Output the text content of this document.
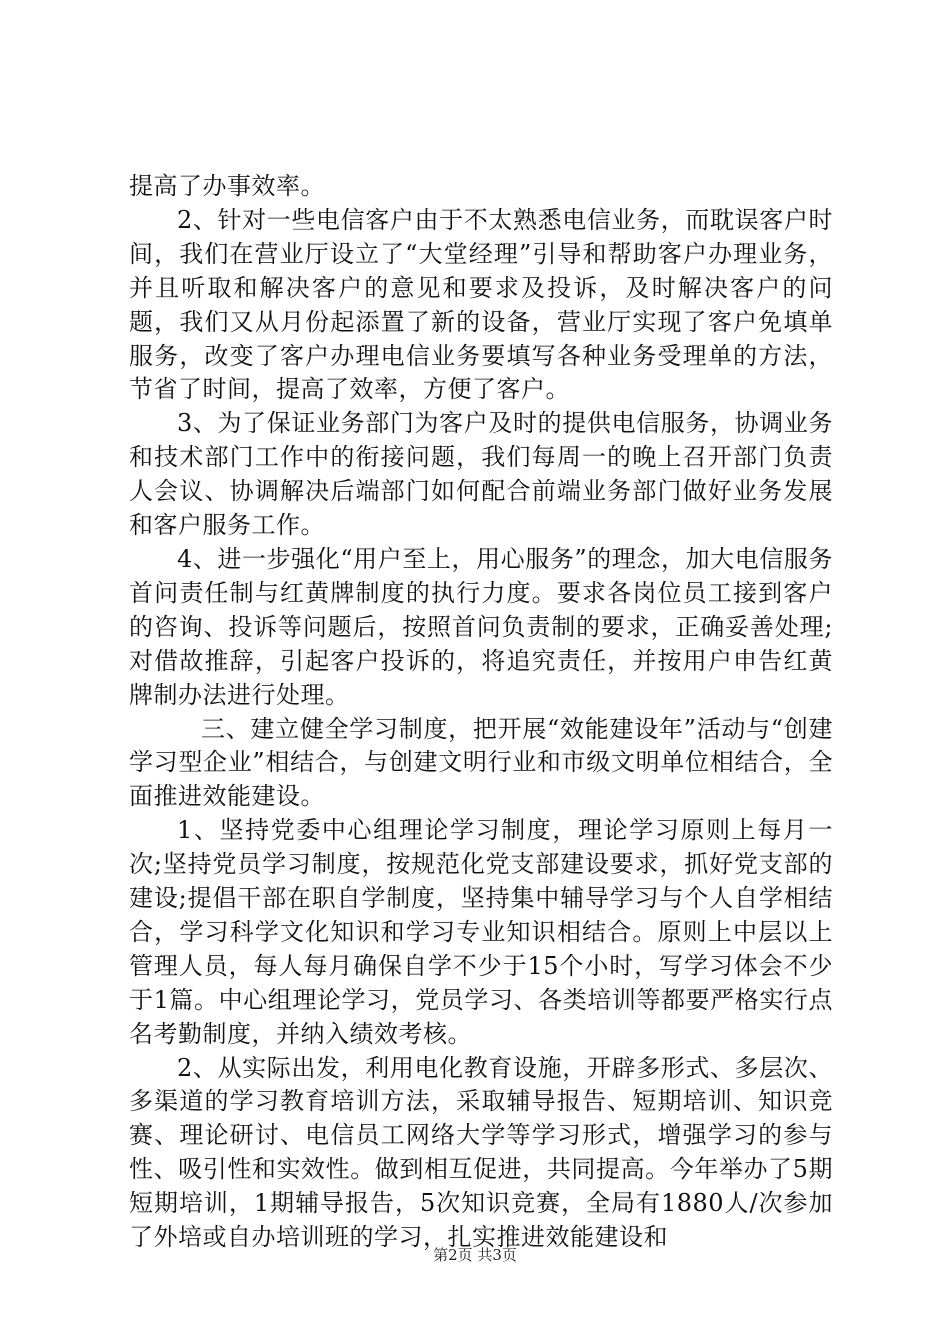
提高了办事效率。

2、针对一些电信客户由于不太熟悉电信业务，而耽误客户时间，我们在营业厅设立了“大堂经理”引导和帮助客户办理业务，并且听取和解决客户的意见和要求及投诉，及时解决客户的问题，我们又从月份起添置了新的设备，营业厅实现了客户免填单服务，改变了客户办理电信业务要填写各种业务受理单的方法，节省了时间，提高了效率，方便了客户。

3、为了保证业务部门为客户及时的提供电信服务，协调业务和技术部门工作中的衔接问题，我们每周一的晚上召开部门负责人会议、协调解决后端部门如何配合前端业务部门做好业务发展和客户服务工作。

4、进一步强化“用户至上，用心服务”的理念，加大电信服务首问责任制与红黄牌制度的执行力度。要求各岗位员工接到客户的咨询、投诉等问题后，按照首问负责制的要求，正确妥善处理;对借故推辞，引起客户投诉的，将追究责任，并按用户申告红黄牌制办法进行处理。

三、建立健全学习制度，把开展“效能建设年”活动与“创建学习型企业”相结合，与创建文明行业和市级文明单位相结合，全面推进效能建设。

1、坚持党委中心组理论学习制度，理论学习原则上每月一次;坚持党员学习制度，按规范化党支部建设要求，抓好党支部的建设;提倡干部在职自学制度，坚持集中辅导学习与个人自学相结合，学习科学文化知识和学习专业知识相结合。原则上中层以上管理人员，每人每月确保自学不少于15个小时，写学习体会不少于1篇。中心组理论学习，党员学习、各类培训等都要严格实行点名考勤制度，并纳入绩效考核。

2、从实际出发，利用电化教育设施，开辟多形式、多层次、多渠道的学习教育培训方法，采取辅导报告、短期培训、知识竞赛、理论研讨、电信员工网络大学等学习形式，增强学习的参与性、吸引性和实效性。做到相互促进，共同提高。今年举办了5期短期培训，1期辅导报告，5次知识竞赛，全局有1880人/次参加了外培或自办培训班的学习，扎实推进效能建设和

第2页 共3页
